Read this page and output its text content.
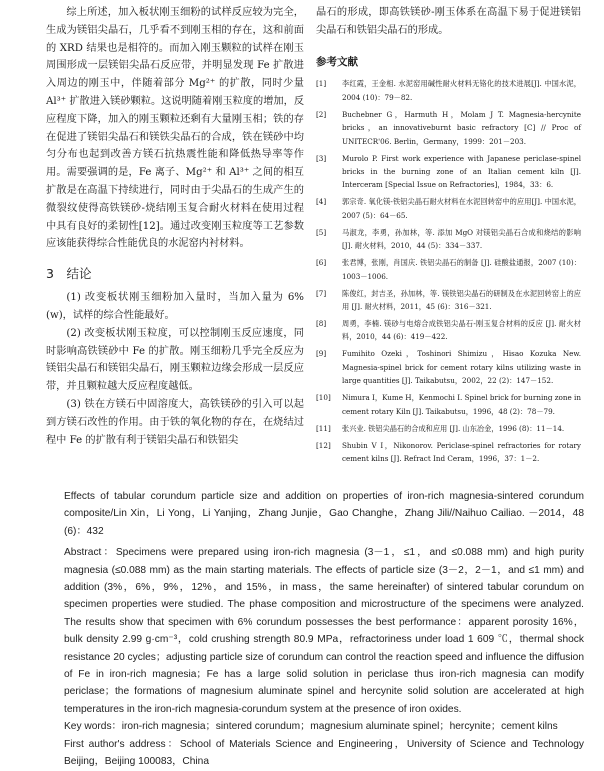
综上所述，加入板状刚玉细粉的试样反应较为完全，生成为镁铝尖晶石，几乎看不到刚玉相的存在，这和前面的 XRD 结果也是相符的。而加入刚玉颗粒的试样在刚玉周围形成一层镁铝尖晶石反应带，并明显发现 Fe 扩散进入周边的刚玉中，伴随着部分 Mg²⁺ 的扩散，同时少量 Al³⁺ 扩散进入镁砂颗粒。这说明随着刚玉粒度的增加，反应程度下降，加入的刚玉颗粒还剩有大量刚玉相；铁的存在促进了镁铝尖晶石和镁铁尖晶石的合成，铁在镁砂中均匀分布也起到改善方镁石抗热震性能和降低热导率等作用。需要强调的是，Fe 离子、Mg²⁺ 和 Al³⁺ 之间的相互扩散是在高温下持续进行，同时由于尖晶石的生成产生的微裂纹使得高铁镁砂-烧结刚玉复合耐火材料在使用过程中具有良好的柔韧性[12]。通过改变刚玉粒度等工艺参数应该能获得综合性能优良的水泥窑内衬材料。

3　结论

(1) 改变板状刚玉细粉加入量时，当加入量为 6% (w)，试样的综合性能最好。

(2) 改变板状刚玉粒度，可以控制刚玉反应速度，同时影响高铁镁砂中 Fe 的扩散。刚玉细粉几乎完全反应为镁铝尖晶石和镁铝尖晶石，刚玉颗粒边缘会形成一层反应带，并且颗粒越大反应程度越低。

(3) 铁在方镁石中固溶度大，高铁镁砂的引入可以起到方镁石改性的作用。由于铁的氧化物的存在，在烧结过程中 Fe 的扩散有利于镁铝尖晶石和铁铝尖

晶石的形成，即高铁镁砂-刚玉体系在高温下易于促进镁铝尖晶石和铁铝尖晶石的形成。

参考文献
[1] 李红霞，王金相. 水泥窑用碱性耐火材料无铬化的技术进展[J]. 中国水泥，2004 (10)：79－82.
[2] Buchebner G，Harmuth H，Molam J T. Magnesia-hercynite bricks，an innovativeburnt basic refractory [C] // Proc of UNITECR'06. Berlin，Germany，1999：201－203.
[3] Murolo P. First work experience with Japanese periclase-spinel bricks in the burning zone of an Italian cement kiln [J]. Interceram [Special Issue on Refractories]，1984，33：6.
[4] 郭宗奇. 氧化镁-铁铝尖晶石耐火材料在水泥回转窑中的应用[J]. 中国水泥，2007 (5)：64－65.
[5] 马淑龙，李勇，孙加林，等. 添加 MgO 对镁铝尖晶石合成和烧结的影响[J]. 耐火材料，2010，44 (5)：334－337.
[6] 张君博，张刚，肖国庆. 铁铝尖晶石的制备 [J]. 硅酸盐通报，2007 (10)：1003－1006.
[7] 陈俊红，封吉圣，孙加林，等. 镁铁铝尖晶石的研制及在水泥回转窑上的应用 [J]. 耐火材料，2011，45 (6)：316－321.
[8] 周勇，李楠. 镁砂与电熔合成铁铝尖晶石-刚玉复合材料的反应 [J]. 耐火材料，2010，44 (6)：419－422.
[9] Fumihito Ozeki，Toshinori Shimizu，Hisao Kozuka New. Magnesia-spinel brick for cement rotary kilns utilizing waste in large quantities [J]. Taikabutsu，2002，22 (2)：147－152.
[10] Nimura I，Kume H，Kenmochi I. Spinel brick for burning zone in cement rotary Kiln [J]. Taikabutsu，1996，48 (2)：78－79.
[11] 张兴业. 铁铝尖晶石的合成和应用 [J]. 山东冶金，1996 (8)：11－14.
[12] Shubin V I，Nikonorov. Periclase-spinel refractories for rotary cement kilns [J]. Refract Ind Ceram，1996，37：1－2.

Effects of tabular corundum particle size and addition on properties of iron-rich magnesia-sintered corundum composite/Lin Xin，Li Yong，Li Yanjing，Zhang Junjie，Gao Changhe，Zhang Jili//Naihuo Cailiao. －2014，48 (6)：432

Abstract：Specimens were prepared using iron-rich magnesia (3－1，≤1，and ≤0.088 mm) and high purity magnesia (≤0.088 mm) as the main starting materials. The effects of particle size (3－2，2－1，and ≤1 mm) and addition (3%，6%，9%，12%，and 15%，in mass，the same hereinafter) of sintered tabular corundum on specimen properties were studied. The phase composition and microstructure of the specimens were analyzed. The results show that specimen with 6% corundum possesses the best performance：apparent porosity 16%，bulk density 2.99 g·cm⁻³，cold crushing strength 80.9 MPa，refractoriness under load 1 609 ℃，thermal shock resistance 20 cycles；adjusting particle size of corundum can control the reaction speed and influence the diffusion of Fe in iron-rich magnesia；Fe has a large solid solution in periclase thus iron-rich magnesia can modify periclase；the formations of magnesium aluminate spinel and hercynite solid solution are accelerated at high temperatures in the iron-rich magnesia-corundum system at the presence of iron oxides.

Key words：iron-rich magnesia；sintered corundum；magnesium aluminate spinel；hercynite；cement kilns

First author's address：School of Materials Science and Engineering，University of Science and Technology Beijing，Beijing 100083，China
